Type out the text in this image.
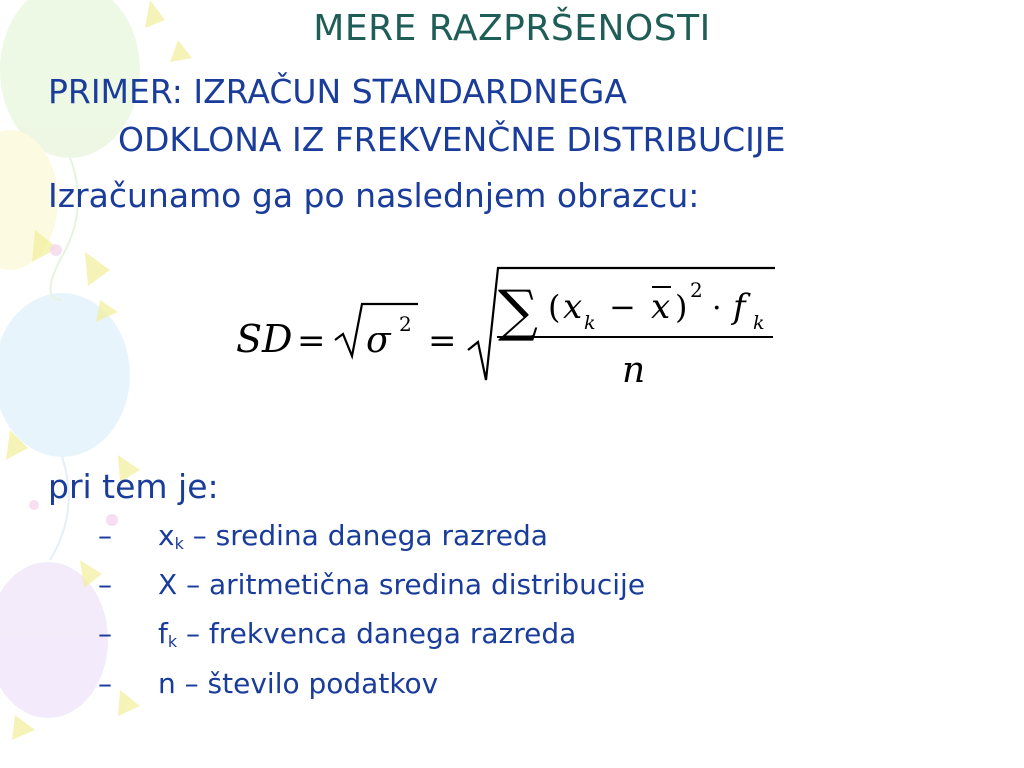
MERE RAZPRŠENOSTI
PRIMER: IZRAČUN STANDARDNEGA
ODKLONA IZ FREKVENČNE DISTRIBUCIJE
Izračunamo ga po naslednjem obrazcu:
SD = σ 2 = ∑ ( x k − x ) 2
· f k
n
pri tem je:
– $x_k$ – sredina danega razreda
– X – aritmetična sredina distribucije
– $f_k$ – frekvenca danega razreda
– n – število podatkov
